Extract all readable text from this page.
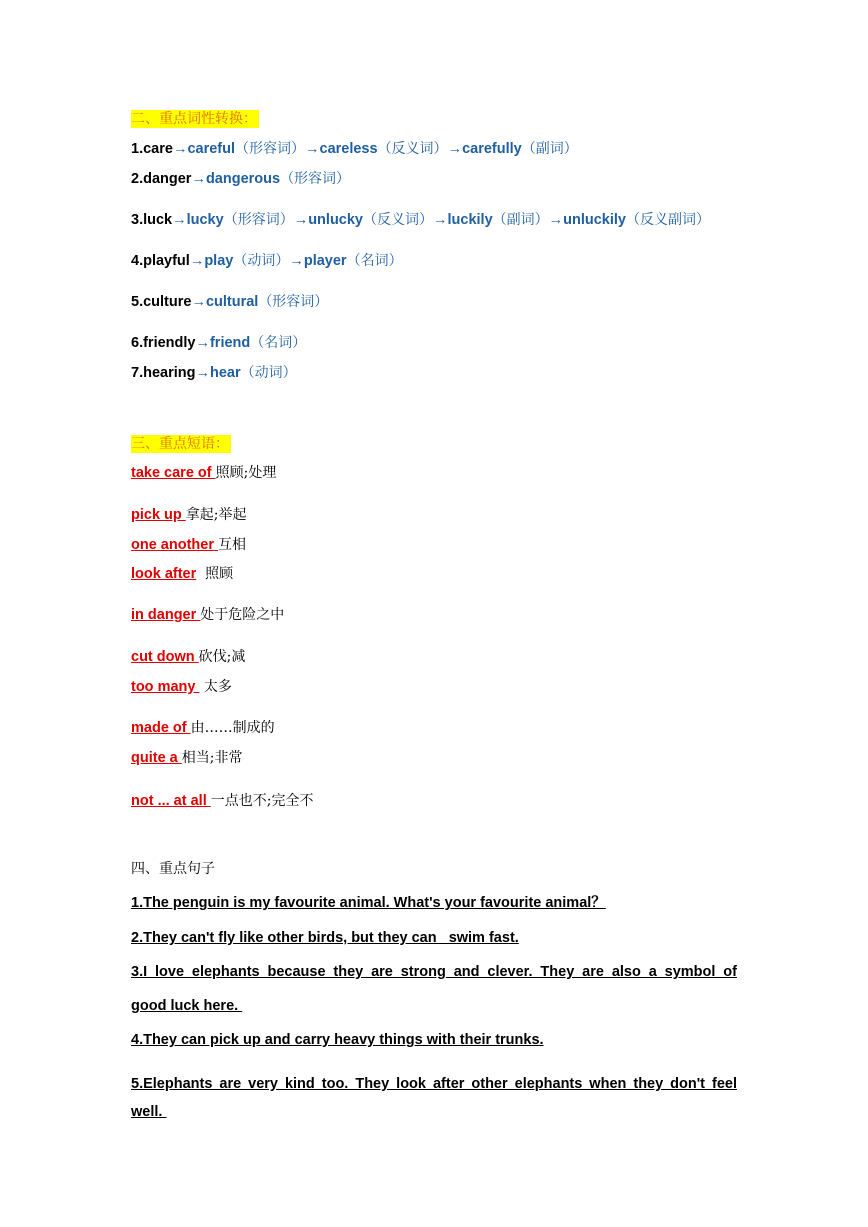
二、重点词性转换：
1.care→careful（形容词）→careless（反义词）→carefully（副词）
2.danger→dangerous（形容词）
3.luck→lucky（形容词）→unlucky（反义词）→luckily（副词）→unluckily（反义副词）
4.playful→play（动词）→player（名词）
5.culture→cultural（形容词）
6.friendly→friend（名词）
7.hearing→hear（动词）
三、重点短语：
take care of 照顾;处理
pick up 拿起;举起
one another 互相
look after  照顾
in danger 处于危险之中
cut down 砍伐;减
too many  太多
made of 由……制成的
quite a 相当;非常
not ... at all 一点也不;完全不
四、重点句子
1.The penguin is my favourite animal. What's your favourite animal？
2.They can't fly like other birds, but they can   swim fast.
3.I love elephants because they are strong and clever. They are also a symbol of
good luck here.
4.They can pick up and carry heavy things with their trunks.
5.Elephants are very kind too. They look after other elephants when they don't feel
well.
